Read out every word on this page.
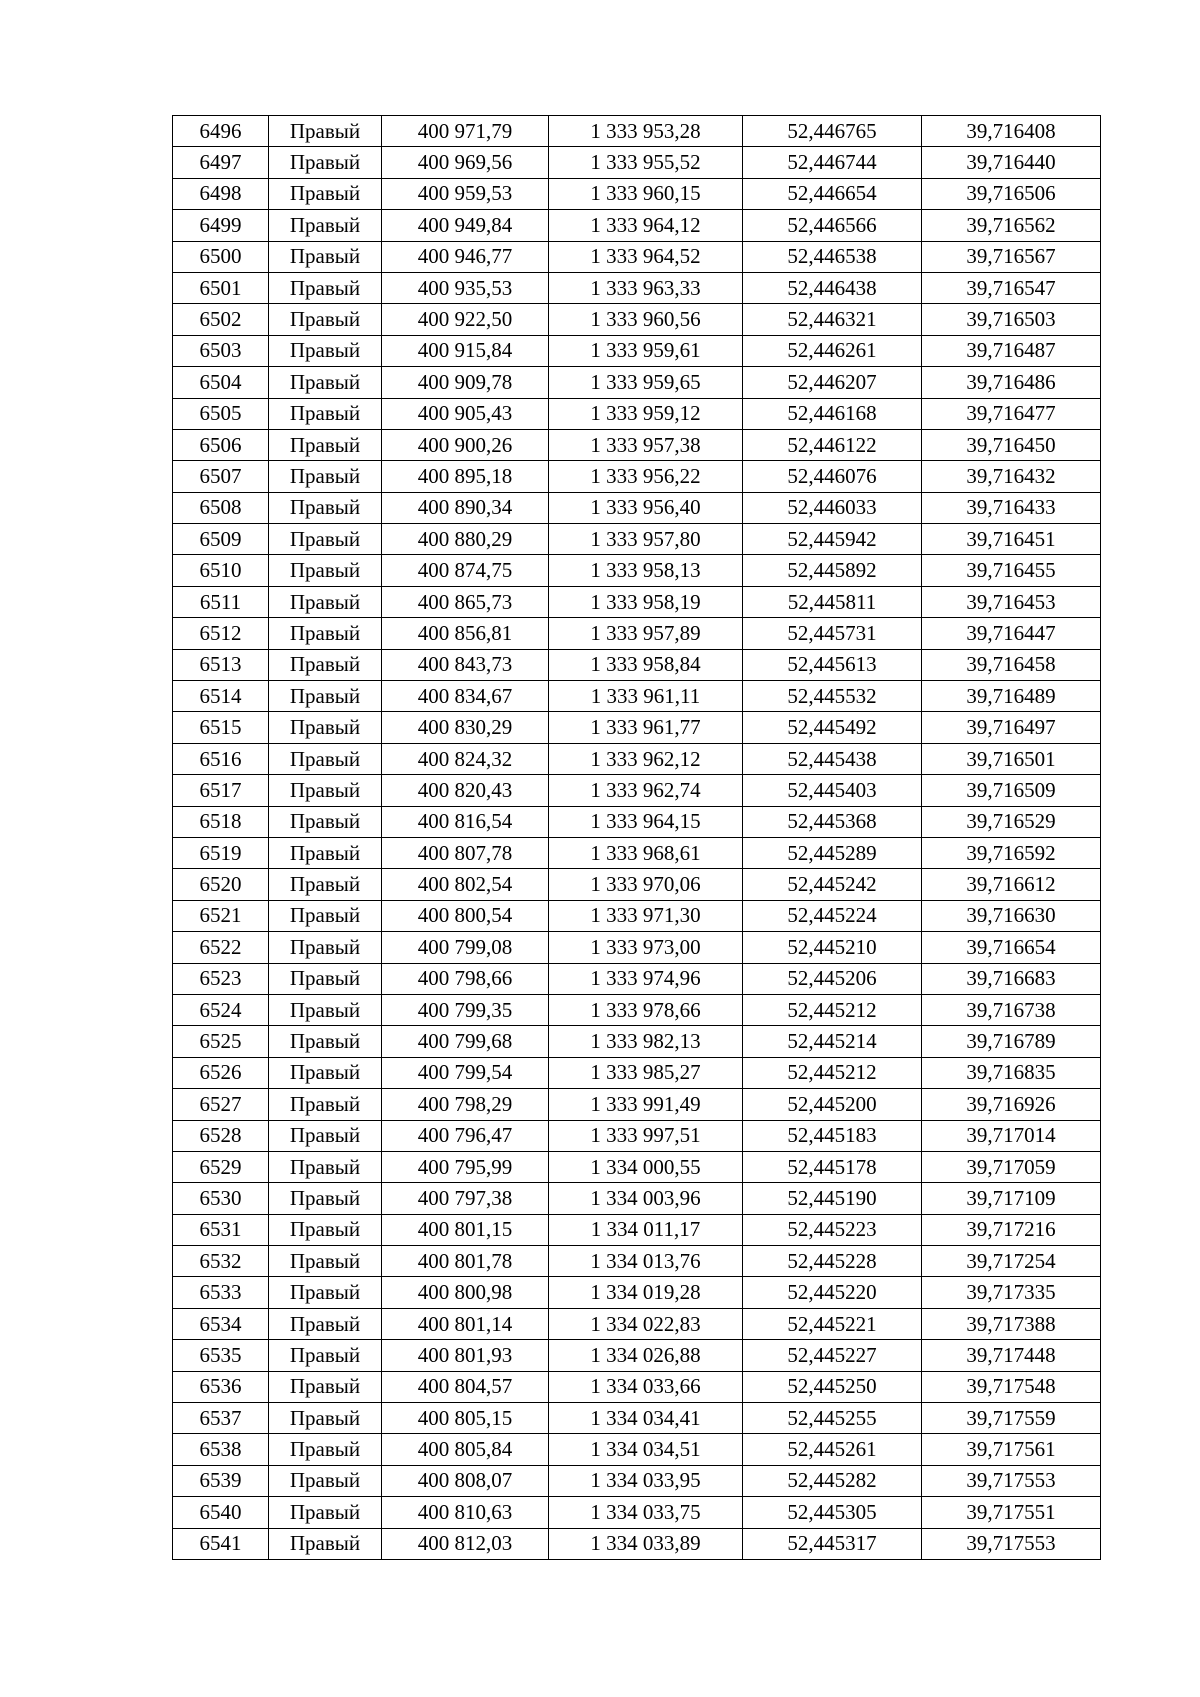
6496	Правый	400 971,79	1 333 953,28	52,446765	39,716408
6497	Правый	400 969,56	1 333 955,52	52,446744	39,716440
6498	Правый	400 959,53	1 333 960,15	52,446654	39,716506
6499	Правый	400 949,84	1 333 964,12	52,446566	39,716562
6500	Правый	400 946,77	1 333 964,52	52,446538	39,716567
6501	Правый	400 935,53	1 333 963,33	52,446438	39,716547
6502	Правый	400 922,50	1 333 960,56	52,446321	39,716503
6503	Правый	400 915,84	1 333 959,61	52,446261	39,716487
6504	Правый	400 909,78	1 333 959,65	52,446207	39,716486
6505	Правый	400 905,43	1 333 959,12	52,446168	39,716477
6506	Правый	400 900,26	1 333 957,38	52,446122	39,716450
6507	Правый	400 895,18	1 333 956,22	52,446076	39,716432
6508	Правый	400 890,34	1 333 956,40	52,446033	39,716433
6509	Правый	400 880,29	1 333 957,80	52,445942	39,716451
6510	Правый	400 874,75	1 333 958,13	52,445892	39,716455
6511	Правый	400 865,73	1 333 958,19	52,445811	39,716453
6512	Правый	400 856,81	1 333 957,89	52,445731	39,716447
6513	Правый	400 843,73	1 333 958,84	52,445613	39,716458
6514	Правый	400 834,67	1 333 961,11	52,445532	39,716489
6515	Правый	400 830,29	1 333 961,77	52,445492	39,716497
6516	Правый	400 824,32	1 333 962,12	52,445438	39,716501
6517	Правый	400 820,43	1 333 962,74	52,445403	39,716509
6518	Правый	400 816,54	1 333 964,15	52,445368	39,716529
6519	Правый	400 807,78	1 333 968,61	52,445289	39,716592
6520	Правый	400 802,54	1 333 970,06	52,445242	39,716612
6521	Правый	400 800,54	1 333 971,30	52,445224	39,716630
6522	Правый	400 799,08	1 333 973,00	52,445210	39,716654
6523	Правый	400 798,66	1 333 974,96	52,445206	39,716683
6524	Правый	400 799,35	1 333 978,66	52,445212	39,716738
6525	Правый	400 799,68	1 333 982,13	52,445214	39,716789
6526	Правый	400 799,54	1 333 985,27	52,445212	39,716835
6527	Правый	400 798,29	1 333 991,49	52,445200	39,716926
6528	Правый	400 796,47	1 333 997,51	52,445183	39,717014
6529	Правый	400 795,99	1 334 000,55	52,445178	39,717059
6530	Правый	400 797,38	1 334 003,96	52,445190	39,717109
6531	Правый	400 801,15	1 334 011,17	52,445223	39,717216
6532	Правый	400 801,78	1 334 013,76	52,445228	39,717254
6533	Правый	400 800,98	1 334 019,28	52,445220	39,717335
6534	Правый	400 801,14	1 334 022,83	52,445221	39,717388
6535	Правый	400 801,93	1 334 026,88	52,445227	39,717448
6536	Правый	400 804,57	1 334 033,66	52,445250	39,717548
6537	Правый	400 805,15	1 334 034,41	52,445255	39,717559
6538	Правый	400 805,84	1 334 034,51	52,445261	39,717561
6539	Правый	400 808,07	1 334 033,95	52,445282	39,717553
6540	Правый	400 810,63	1 334 033,75	52,445305	39,717551
6541	Правый	400 812,03	1 334 033,89	52,445317	39,717553
